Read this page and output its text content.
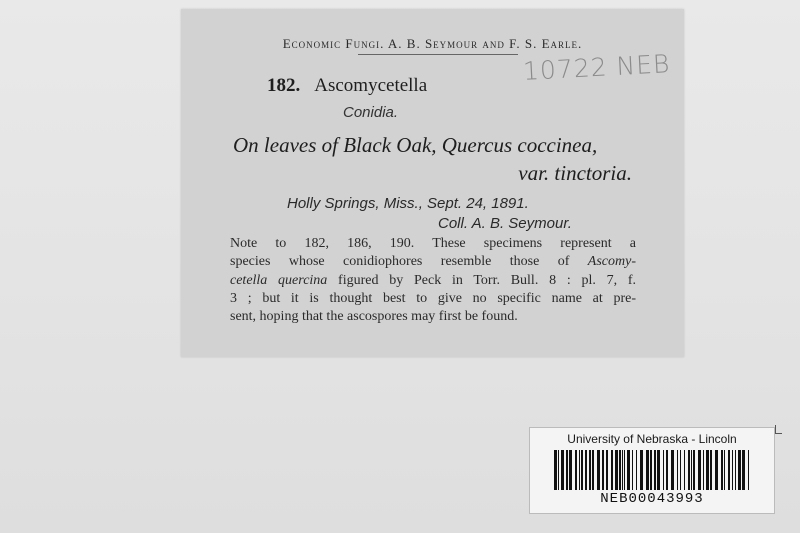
Economic Fungi. A. B. Seymour and F. S. Earle.
10722 NEB
182. Ascomycetella
Conidia.
On leaves of Black Oak, Quercus coccinea,
var. tinctoria.
Holly Springs, Miss., Sept. 24, 1891.
Coll. A. B. Seymour.
Note to 182, 186, 190. These specimens represent a
species whose conidiophores resemble those of Ascomy-
cetella quercina figured by Peck in Torr. Bull. 8 : pl. 7, f.
3 ; but it is thought best to give no specific name at pre-
sent, hoping that the ascospores may first be found.
University of Nebraska - Lincoln
NEB00043993
